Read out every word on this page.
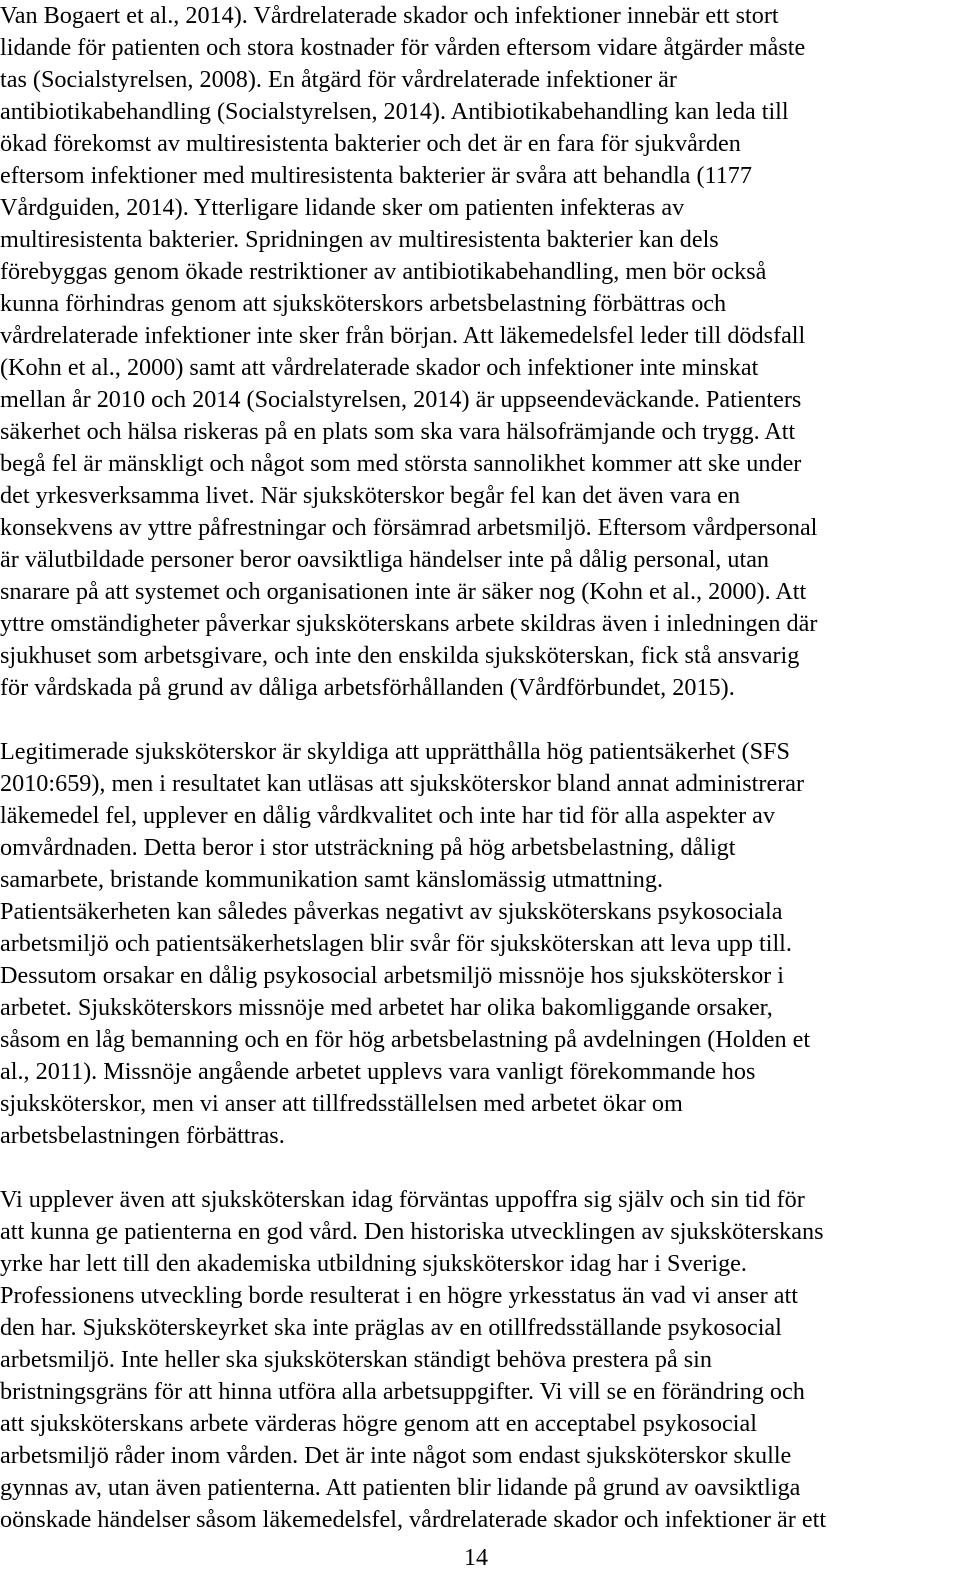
Van Bogaert et al., 2014). Vårdrelaterade skador och infektioner innebär ett stort
lidande för patienten och stora kostnader för vården eftersom vidare åtgärder måste
tas (Socialstyrelsen, 2008). En åtgärd för vårdrelaterade infektioner är
antibiotikabehandling (Socialstyrelsen, 2014). Antibiotikabehandling kan leda till
ökad förekomst av multiresistenta bakterier och det är en fara för sjukvården
eftersom infektioner med multiresistenta bakterier är svåra att behandla (1177
Vårdguiden, 2014). Ytterligare lidande sker om patienten infekteras av
multiresistenta bakterier. Spridningen av multiresistenta bakterier kan dels
förebyggas genom ökade restriktioner av antibiotikabehandling, men bör också
kunna förhindras genom att sjuksköterskors arbetsbelastning förbättras och
vårdrelaterade infektioner inte sker från början. Att läkemedelsfel leder till dödsfall
(Kohn et al., 2000) samt att vårdrelaterade skador och infektioner inte minskat
mellan år 2010 och 2014 (Socialstyrelsen, 2014) är uppseendeväckande. Patienters
säkerhet och hälsa riskeras på en plats som ska vara hälsofrämjande och trygg. Att
begå fel är mänskligt och något som med största sannolikhet kommer att ske under
det yrkesverksamma livet. När sjuksköterskor begår fel kan det även vara en
konsekvens av yttre påfrestningar och försämrad arbetsmiljö. Eftersom vårdpersonal
är välutbildade personer beror oavsiktliga händelser inte på dålig personal, utan
snarare på att systemet och organisationen inte är säker nog (Kohn et al., 2000). Att
yttre omständigheter påverkar sjuksköterskans arbete skildras även i inledningen där
sjukhuset som arbetsgivare, och inte den enskilda sjuksköterskan, fick stå ansvarig
för vårdskada på grund av dåliga arbetsförhållanden (Vårdförbundet, 2015).
Legitimerade sjuksköterskor är skyldiga att upprätthålla hög patientsäkerhet (SFS
2010:659), men i resultatet kan utläsas att sjuksköterskor bland annat administrerar
läkemedel fel, upplever en dålig vårdkvalitet och inte har tid för alla aspekter av
omvårdnaden. Detta beror i stor utsträckning på hög arbetsbelastning, dåligt
samarbete, bristande kommunikation samt känslomässig utmattning.
Patientsäkerheten kan således påverkas negativt av sjuksköterskans psykosociala
arbetsmiljö och patientsäkerhetslagen blir svår för sjuksköterskan att leva upp till.
Dessutom orsakar en dålig psykosocial arbetsmiljö missnöje hos sjuksköterskor i
arbetet. Sjuksköterskors missnöje med arbetet har olika bakomliggande orsaker,
såsom en låg bemanning och en för hög arbetsbelastning på avdelningen (Holden et
al., 2011). Missnöje angående arbetet upplevs vara vanligt förekommande hos
sjuksköterskor, men vi anser att tillfredsställelsen med arbetet ökar om
arbetsbelastningen förbättras.
Vi upplever även att sjuksköterskan idag förväntas uppoffra sig själv och sin tid för
att kunna ge patienterna en god vård. Den historiska utvecklingen av sjuksköterskans
yrke har lett till den akademiska utbildning sjuksköterskor idag har i Sverige.
Professionens utveckling borde resulterat i en högre yrkesstatus än vad vi anser att
den har. Sjuksköterskeyrket ska inte präglas av en otillfredsställande psykosocial
arbetsmiljö. Inte heller ska sjuksköterskan ständigt behöva prestera på sin
bristningsgräns för att hinna utföra alla arbetsuppgifter. Vi vill se en förändring och
att sjuksköterskans arbete värderas högre genom att en acceptabel psykosocial
arbetsmiljö råder inom vården. Det är inte något som endast sjuksköterskor skulle
gynnas av, utan även patienterna. Att patienten blir lidande på grund av oavsiktliga
oönskade händelser såsom läkemedelsfel, vårdrelaterade skador och infektioner är ett
14
